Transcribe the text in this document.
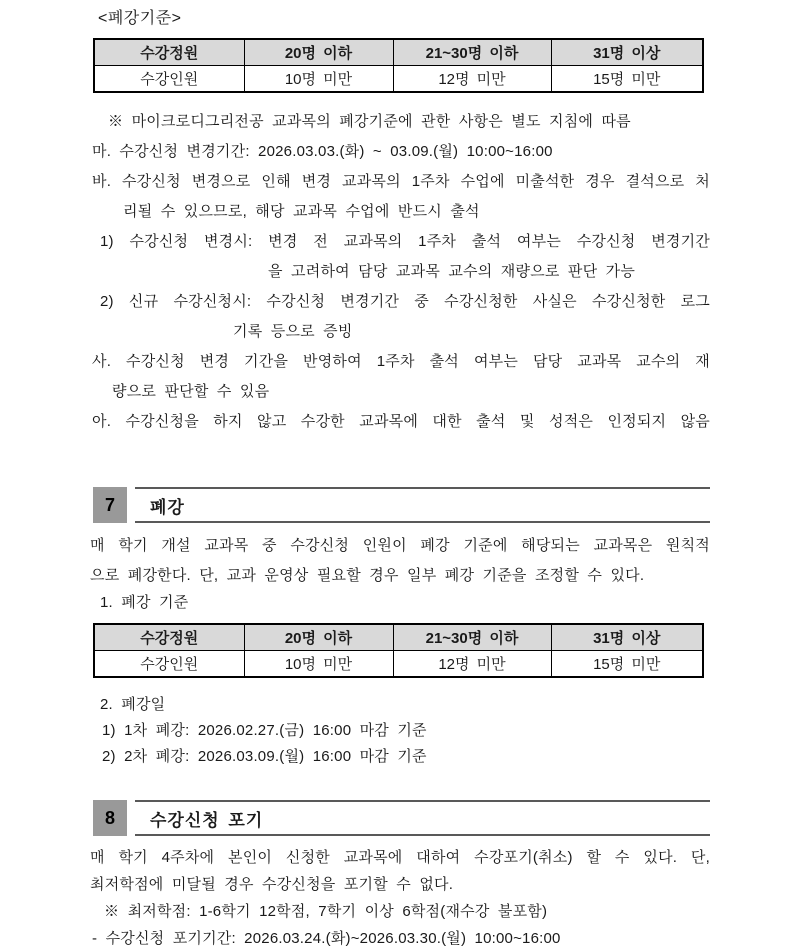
<폐강기준>
수강정원	20명 이하	21~30명 이하	31명 이상
수강인원	10명 미만	12명 미만	15명 미만
※ 마이크로디그리전공 교과목의 폐강기준에 관한 사항은 별도 지침에 따름
마. 수강신청 변경기간: 2026.03.03.(화) ~ 03.09.(월) 10:00~16:00
바. 수강신청 변경으로 인해 변경 교과목의 1주차 수업에 미출석한 경우 결석으로 처
리될 수 있으므로, 해당 교과목 수업에 반드시 출석
1) 수강신청 변경시: 변경 전 교과목의 1주차 출석 여부는 수강신청 변경기간
을 고려하여 담당 교과목 교수의 재량으로 판단 가능
2) 신규 수강신청시: 수강신청 변경기간 중 수강신청한 사실은 수강신청한 로그
기록 등으로 증빙
사. 수강신청 변경 기간을 반영하여 1주차 출석 여부는 담당 교과목 교수의 재
량으로 판단할 수 있음
아. 수강신청을 하지 않고 수강한 교과목에 대한 출석 및 성적은 인정되지 않음
7	폐강
매 학기 개설 교과목 중 수강신청 인원이 폐강 기준에 해당되는 교과목은 원칙적
으로 폐강한다. 단, 교과 운영상 필요할 경우 일부 폐강 기준을 조정할 수 있다.
1. 폐강 기준
수강정원	20명 이하	21~30명 이하	31명 이상
수강인원	10명 미만	12명 미만	15명 미만
2. 폐강일
1) 1차 폐강: 2026.02.27.(금) 16:00 마감 기준
2) 2차 폐강: 2026.03.09.(월) 16:00 마감 기준
8	수강신청 포기
매 학기 4주차에 본인이 신청한 교과목에 대하여 수강포기(취소) 할 수 있다. 단,
최저학점에 미달될 경우 수강신청을 포기할 수 없다.
※ 최저학점: 1-6학기 12학점, 7학기 이상 6학점(재수강 불포함)
- 수강신청 포기기간: 2026.03.24.(화)~2026.03.30.(월) 10:00~16:00
